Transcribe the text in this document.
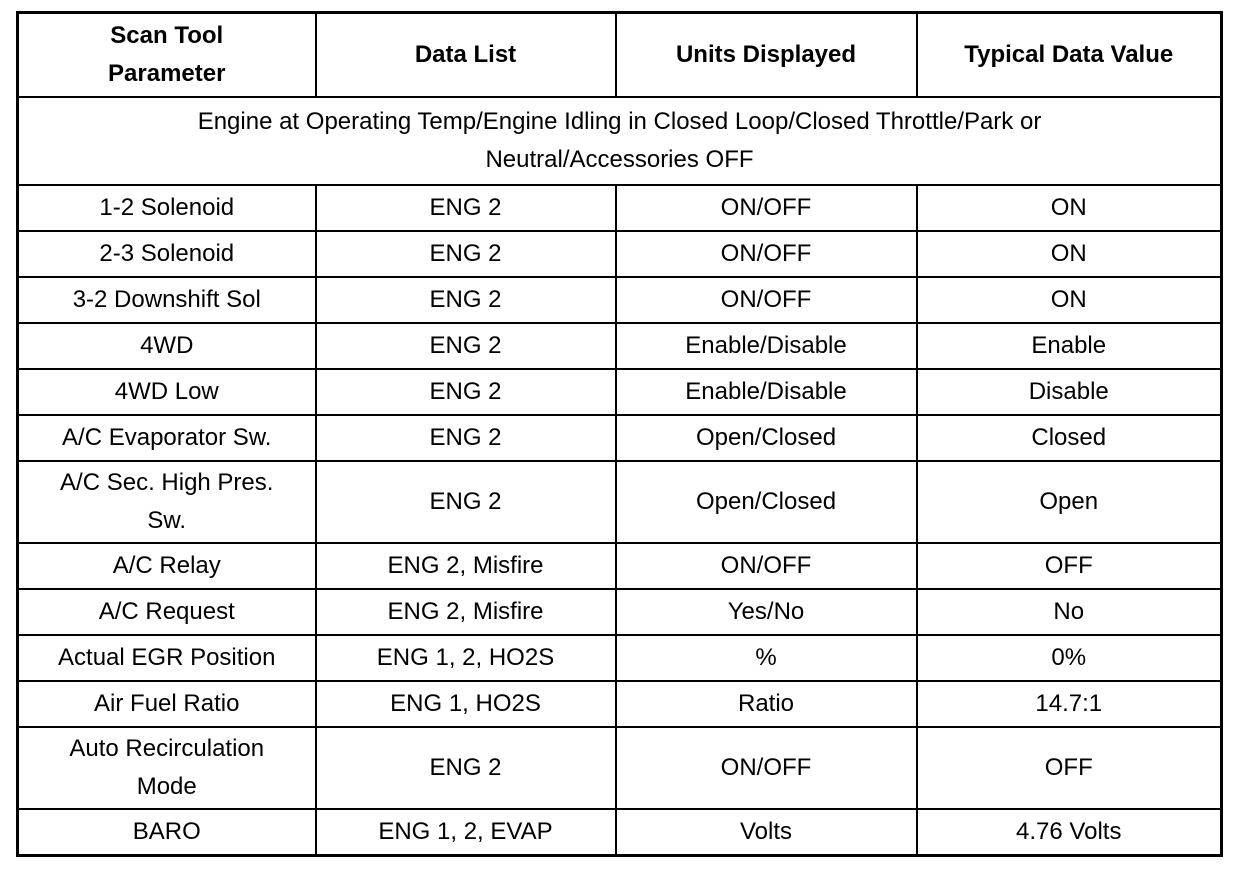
Scan Tool Parameter	Data List	Units Displayed	Typical Data Value
Engine at Operating Temp/Engine Idling in Closed Loop/Closed Throttle/Park or Neutral/Accessories OFF			
1-2 Solenoid	ENG 2	ON/OFF	ON
2-3 Solenoid	ENG 2	ON/OFF	ON
3-2 Downshift Sol	ENG 2	ON/OFF	ON
4WD	ENG 2	Enable/Disable	Enable
4WD Low	ENG 2	Enable/Disable	Disable
A/C Evaporator Sw.	ENG 2	Open/Closed	Closed
A/C Sec. High Pres. Sw.	ENG 2	Open/Closed	Open
A/C Relay	ENG 2, Misfire	ON/OFF	OFF
A/C Request	ENG 2, Misfire	Yes/No	No
Actual EGR Position	ENG 1, 2, HO2S	%	0%
Air Fuel Ratio	ENG 1, HO2S	Ratio	14.7:1
Auto Recirculation Mode	ENG 2	ON/OFF	OFF
BARO	ENG 1, 2, EVAP	Volts	4.76 Volts
